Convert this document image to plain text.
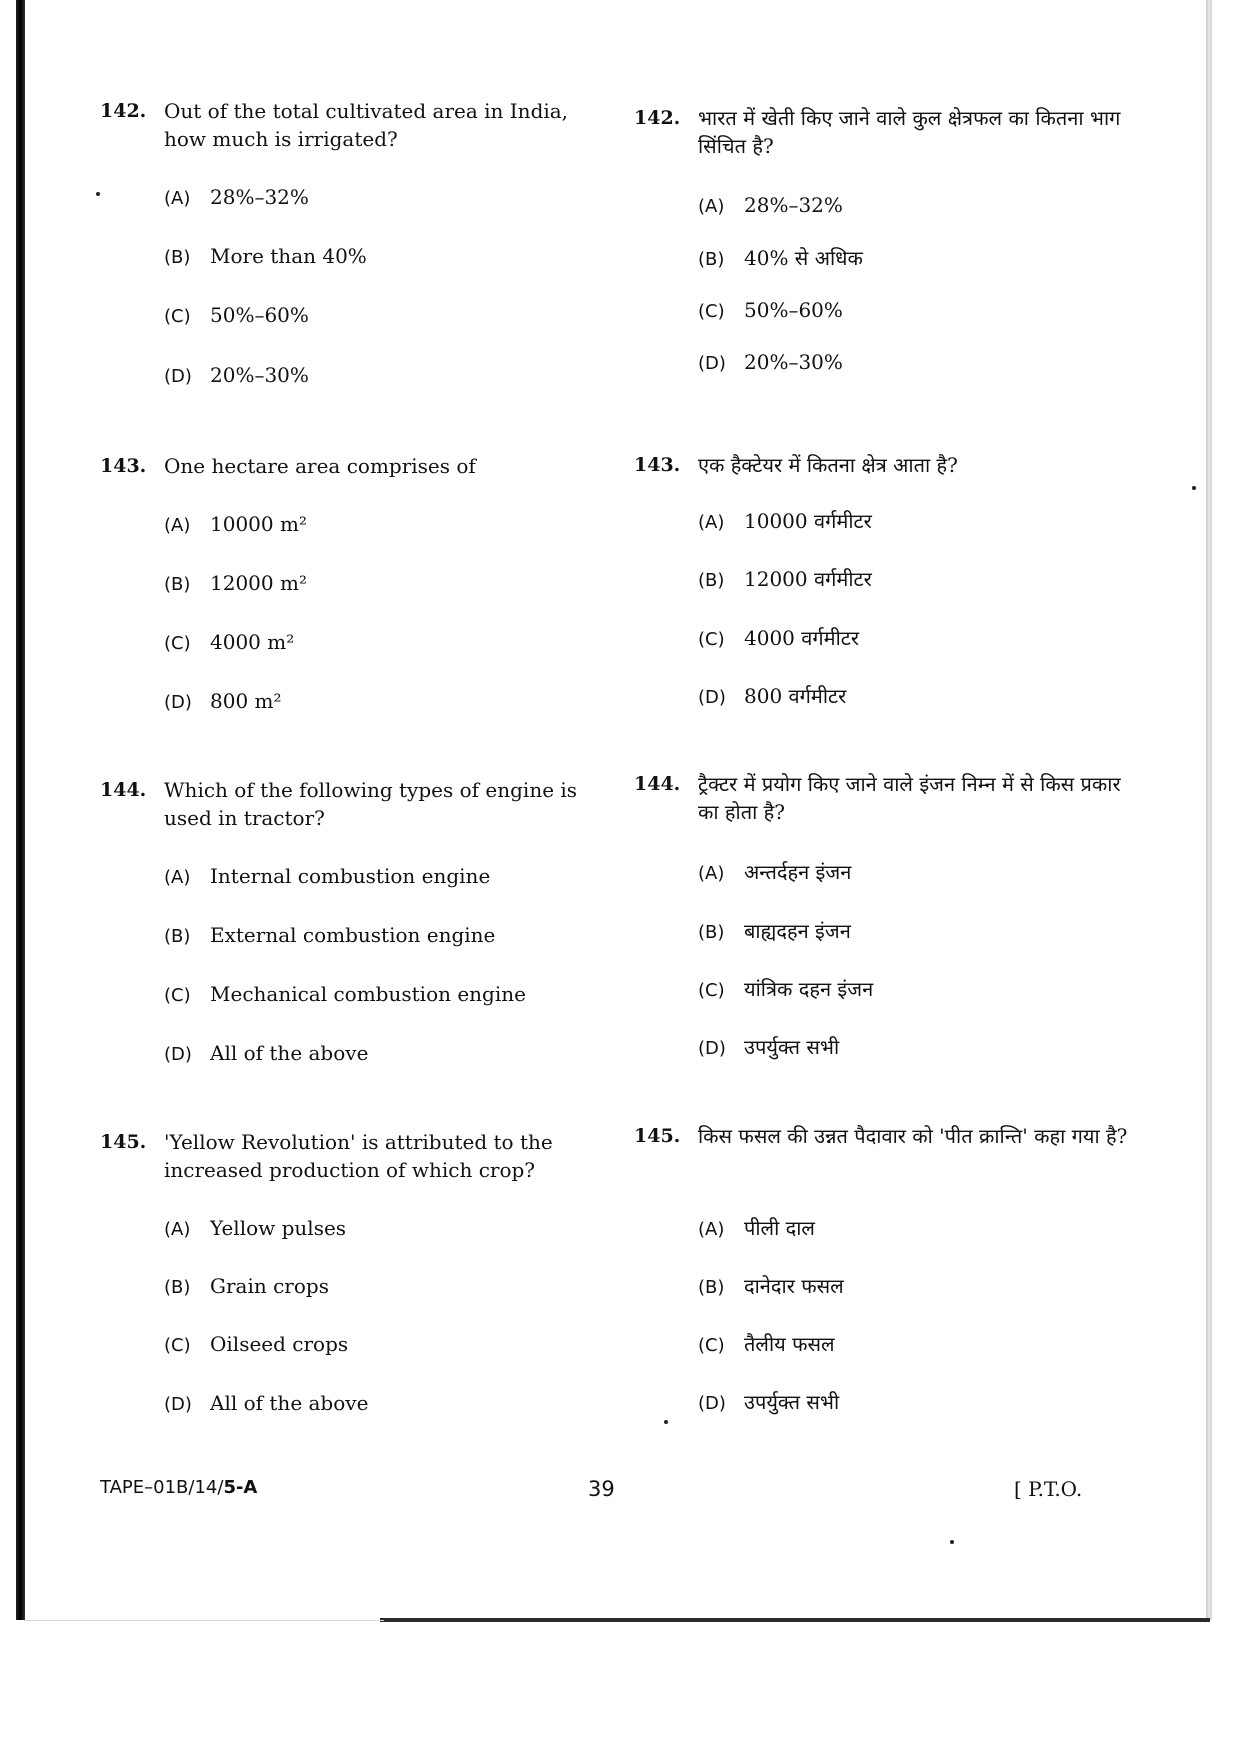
142. Out of the total cultivated area in India, how much is irrigated?
(A) 28%–32%
(B) More than 40%
(C) 50%–60%
(D) 20%–30%
143. One hectare area comprises of
(A) 10000 m²
(B) 12000 m²
(C) 4000 m²
(D) 800 m²
144. Which of the following types of engine is used in tractor?
(A) Internal combustion engine
(B) External combustion engine
(C) Mechanical combustion engine
(D) All of the above
145. 'Yellow Revolution' is attributed to the increased production of which crop?
(A) Yellow pulses
(B) Grain crops
(C) Oilseed crops
(D) All of the above
142. भारत में खेती किए जाने वाले कुल क्षेत्रफल का कितना भाग सिंचित है?
(A) 28%–32%
(B) 40% से अधिक
(C) 50%–60%
(D) 20%–30%
143. एक हैक्टेयर में कितना क्षेत्र आता है?
(A) 10000 वर्गमीटर
(B) 12000 वर्गमीटर
(C) 4000 वर्गमीटर
(D) 800 वर्गमीटर
144. ट्रैक्टर में प्रयोग किए जाने वाले इंजन निम्न में से किस प्रकार का होता है?
(A) अन्तर्दहन इंजन
(B) बाह्यदहन इंजन
(C) यांत्रिक दहन इंजन
(D) उपर्युक्त सभी
145. किस फसल की उन्नत पैदावार को 'पीत क्रान्ति' कहा गया है?
(A) पीली दाल
(B) दानेदार फसल
(C) तैलीय फसल
(D) उपर्युक्त सभी
TAPE–01B/14/5-A	39	[ P.T.O.
